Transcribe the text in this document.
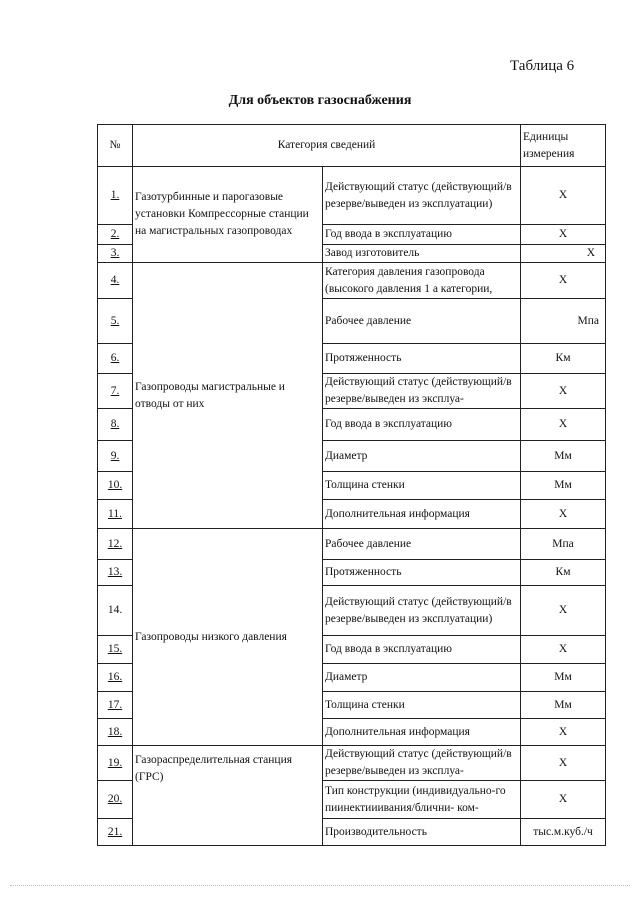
Таблица 6
Для объектов газоснабжения
№	Категория сведений		Единицы измерения
1.	Газотурбинные и парогазовые установки Компрессорные станции на магистральных газопроводах	Действующий статус (действующий/в резерве/выведен из эксплуатации)	X
2.		Год ввода в эксплуатацию	X
3.		Завод изготовитель	X
4.	Газопроводы магистральные и отводы от них	Категория давления газопровода (высокого давления 1 а категории,	X
5.		Рабочее давление	Мпа
6.		Протяженность	Км
7.		Действующий статус (действующий/в резерве/выведен из эксплуа-	X
8.		Год ввода в эксплуатацию	X
9.		Диаметр	Мм
10.		Толщина стенки	Мм
11.		Дополнительная информация	X
12.	Газопроводы низкого давления	Рабочее давление	Мпа
13.		Протяженность	Км
14.		Действующий статус (действующий/в резерве/выведен из эксплуатации)	X
15.		Год ввода в эксплуатацию	X
16.		Диаметр	Мм
17.		Толщина стенки	Мм
18.		Дополнительная информация	X
19.	Газораспределительная станция (ГРС)	Действующий статус (действующий/в резерве/выведен из эксплуа-	X
20.		Тип конструкции (индивидуально-го пиинектииивания/блични- ком-	X
21.		Производительность	тыс.м.куб./ч
